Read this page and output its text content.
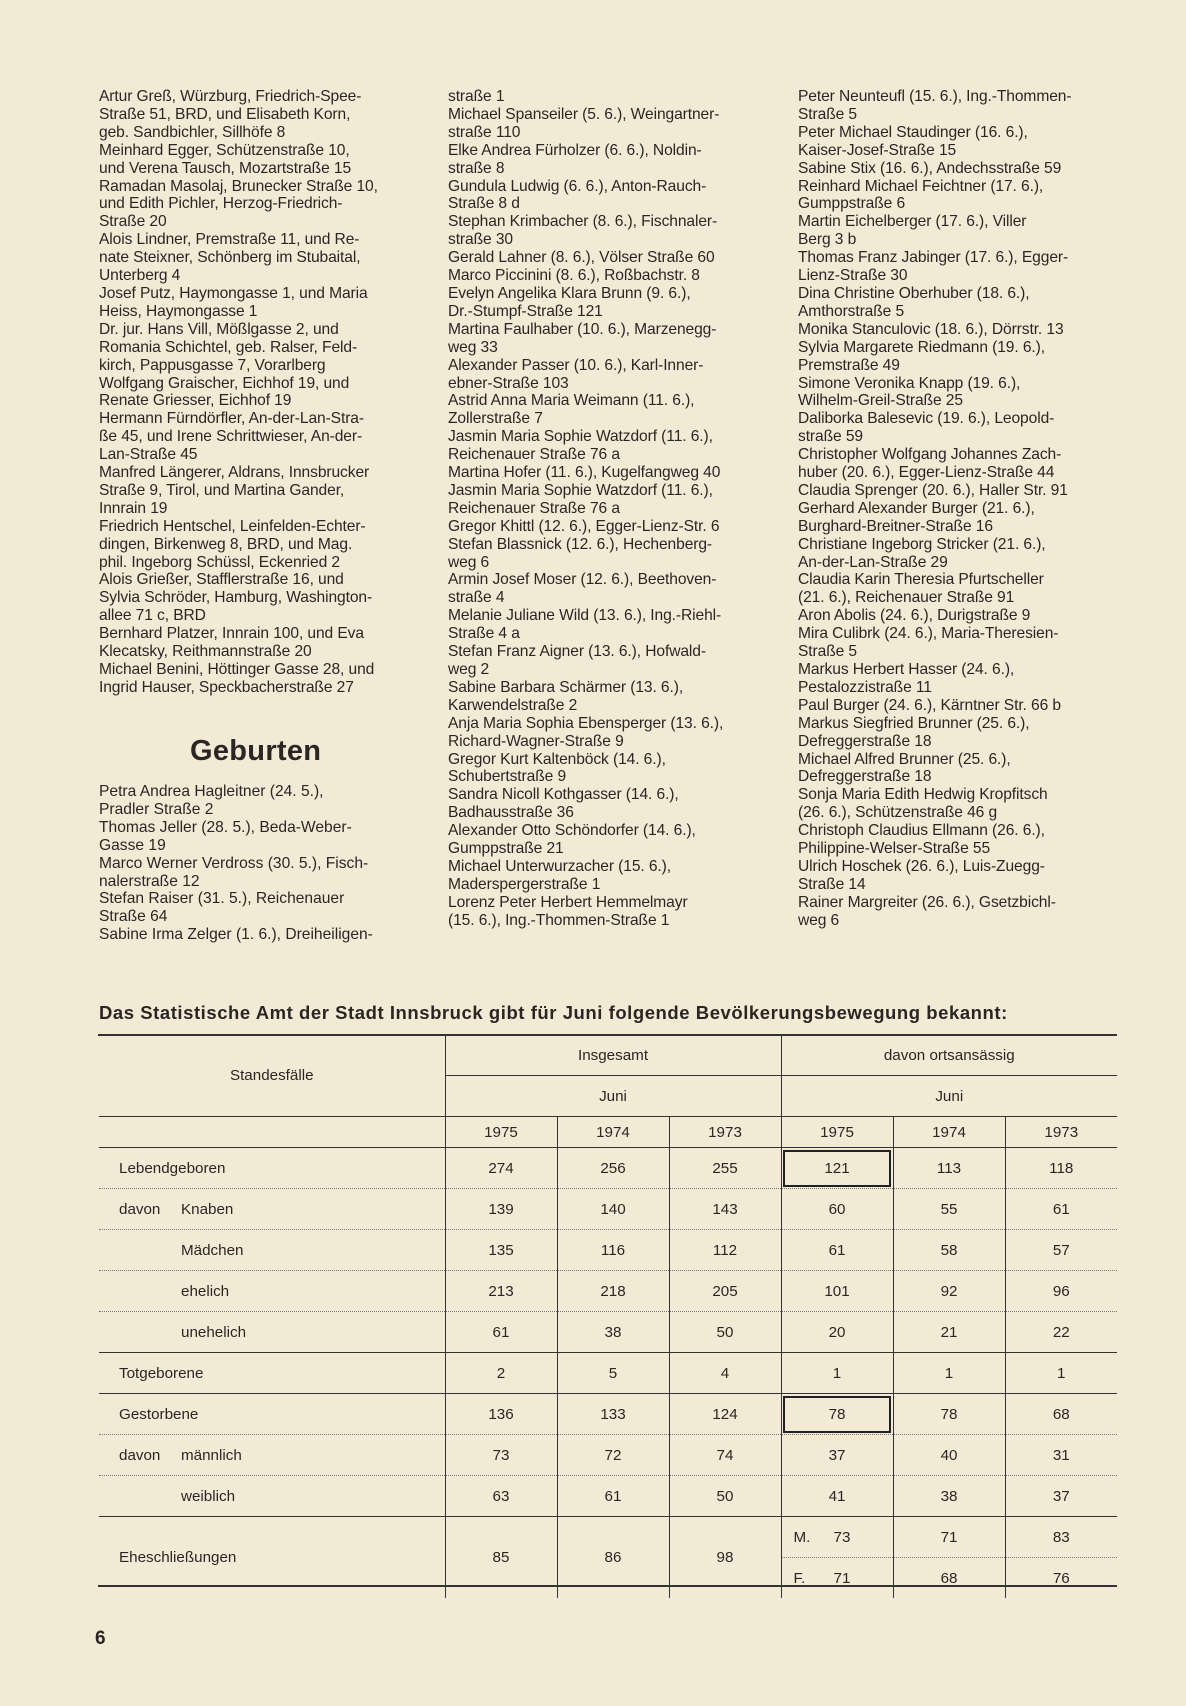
Artur Greß, Würzburg, Friedrich-Spee-
Straße 51, BRD, und Elisabeth Korn,
geb. Sandbichler, Sillhöfe 8
Meinhard Egger, Schützenstraße 10,
und Verena Tausch, Mozartstraße 15
Ramadan Masolaj, Brunecker Straße 10,
und Edith Pichler, Herzog-Friedrich-
Straße 20
Alois Lindner, Premstraße 11, und Re-
nate Steixner, Schönberg im Stubaital,
Unterberg 4
Josef Putz, Haymongasse 1, und Maria
Heiss, Haymongasse 1
Dr. jur. Hans Vill, Mößlgasse 2, und
Romania Schichtel, geb. Ralser, Feld-
kirch, Pappusgasse 7, Vorarlberg
Wolfgang Graischer, Eichhof 19, und
Renate Griesser, Eichhof 19
Hermann Fürndörfler, An-der-Lan-Stra-
ße 45, und Irene Schrittwieser, An-der-
Lan-Straße 45
Manfred Längerer, Aldrans, Innsbrucker
Straße 9, Tirol, und Martina Gander,
Innrain 19
Friedrich Hentschel, Leinfelden-Echter-
dingen, Birkenweg 8, BRD, und Mag.
phil. Ingeborg Schüssl, Eckenried 2
Alois Grießer, Stafflerstraße 16, und
Sylvia Schröder, Hamburg, Washington-
allee 71 c, BRD
Bernhard Platzer, Innrain 100, und Eva
Klecatsky, Reithmannstraße 20
Michael Benini, Höttinger Gasse 28, und
Ingrid Hauser, Speckbacherstraße 27
Geburten
Petra Andrea Hagleitner (24. 5.),
Pradler Straße 2
Thomas Jeller (28. 5.), Beda-Weber-
Gasse 19
Marco Werner Verdross (30. 5.), Fisch-
nalerstraße 12
Stefan Raiser (31. 5.), Reichenauer
Straße 64
Sabine Irma Zelger (1. 6.), Dreiheiligen-
straße 1
Michael Spanseiler (5. 6.), Weingartner-
straße 110
Elke Andrea Fürholzer (6. 6.), Noldin-
straße 8
Gundula Ludwig (6. 6.), Anton-Rauch-
Straße 8 d
Stephan Krimbacher (8. 6.), Fischnaler-
straße 30
Gerald Lahner (8. 6.), Völser Straße 60
Marco Piccinini (8. 6.), Roßbachstr. 8
Evelyn Angelika Klara Brunn (9. 6.),
Dr.-Stumpf-Straße 121
Martina Faulhaber (10. 6.), Marzenegg-
weg 33
Alexander Passer (10. 6.), Karl-Inner-
ebner-Straße 103
Astrid Anna Maria Weimann (11. 6.),
Zollerstraße 7
Jasmin Maria Sophie Watzdorf (11. 6.),
Reichenauer Straße 76 a
Martina Hofer (11. 6.), Kugelfangweg 40
Jasmin Maria Sophie Watzdorf (11. 6.),
Reichenauer Straße 76 a
Gregor Khittl (12. 6.), Egger-Lienz-Str. 6
Stefan Blassnick (12. 6.), Hechenberg-
weg 6
Armin Josef Moser (12. 6.), Beethoven-
straße 4
Melanie Juliane Wild (13. 6.), Ing.-Riehl-
Straße 4 a
Stefan Franz Aigner (13. 6.), Hofwald-
weg 2
Sabine Barbara Schärmer (13. 6.),
Karwendelstraße 2
Anja Maria Sophia Ebensperger (13. 6.),
Richard-Wagner-Straße 9
Gregor Kurt Kaltenböck (14. 6.),
Schubertstraße 9
Sandra Nicoll Kothgasser (14. 6.),
Badhausstraße 36
Alexander Otto Schöndorfer (14. 6.),
Gumppstraße 21
Michael Unterwurzacher (15. 6.),
Maderspergerstraße 1
Lorenz Peter Herbert Hemmelmayr
(15. 6.), Ing.-Thommen-Straße 1
Peter Neunteufl (15. 6.), Ing.-Thommen-
Straße 5
Peter Michael Staudinger (16. 6.),
Kaiser-Josef-Straße 15
Sabine Stix (16. 6.), Andechsstraße 59
Reinhard Michael Feichtner (17. 6.),
Gumppstraße 6
Martin Eichelberger (17. 6.), Viller
Berg 3 b
Thomas Franz Jabinger (17. 6.), Egger-
Lienz-Straße 30
Dina Christine Oberhuber (18. 6.),
Amthorstraße 5
Monika Stanculovic (18. 6.), Dörrstr. 13
Sylvia Margarete Riedmann (19. 6.),
Premstraße 49
Simone Veronika Knapp (19. 6.),
Wilhelm-Greil-Straße 25
Daliborka Balesevic (19. 6.), Leopold-
straße 59
Christopher Wolfgang Johannes Zach-
huber (20. 6.), Egger-Lienz-Straße 44
Claudia Sprenger (20. 6.), Haller Str. 91
Gerhard Alexander Burger (21. 6.),
Burghard-Breitner-Straße 16
Christiane Ingeborg Stricker (21. 6.),
An-der-Lan-Straße 29
Claudia Karin Theresia Pfurtscheller
(21. 6.), Reichenauer Straße 91
Aron Abolis (24. 6.), Durigstraße 9
Mira Culibrk (24. 6.), Maria-Theresien-
Straße 5
Markus Herbert Hasser (24. 6.),
Pestalozzistraße 11
Paul Burger (24. 6.), Kärntner Str. 66 b
Markus Siegfried Brunner (25. 6.),
Defreggerstraße 18
Michael Alfred Brunner (25. 6.),
Defreggerstraße 18
Sonja Maria Edith Hedwig Kropfitsch
(26. 6.), Schützenstraße 46 g
Christoph Claudius Ellmann (26. 6.),
Philippine-Welser-Straße 55
Ulrich Hoschek (26. 6.), Luis-Zuegg-
Straße 14
Rainer Margreiter (26. 6.), Gsetzbichl-
weg 6
Das Statistische Amt der Stadt Innsbruck gibt für Juni folgende Bevölkerungsbewegung bekannt:
Standesfälle	Insgesamt			davon ortsansässig		
	Juni			Juni		
	1975	1974	1973	1975	1974	1973
Lebendgeboren	274	256	255	121	113	118
davon Knaben	139	140	143	60	55	61
Mädchen	135	116	112	61	58	57
ehelich	213	218	205	101	92	96
unehelich	61	38	50	20	21	22
Totgeborene	2	5	4	1	1	1
Gestorbene	136	133	124	78	78	68
davon männlich	73	72	74	37	40	31
weiblich	63	61	50	41	38	37
Eheschließungen	85	86	98	M. 73	71	83
				F. 71	68	76
6
